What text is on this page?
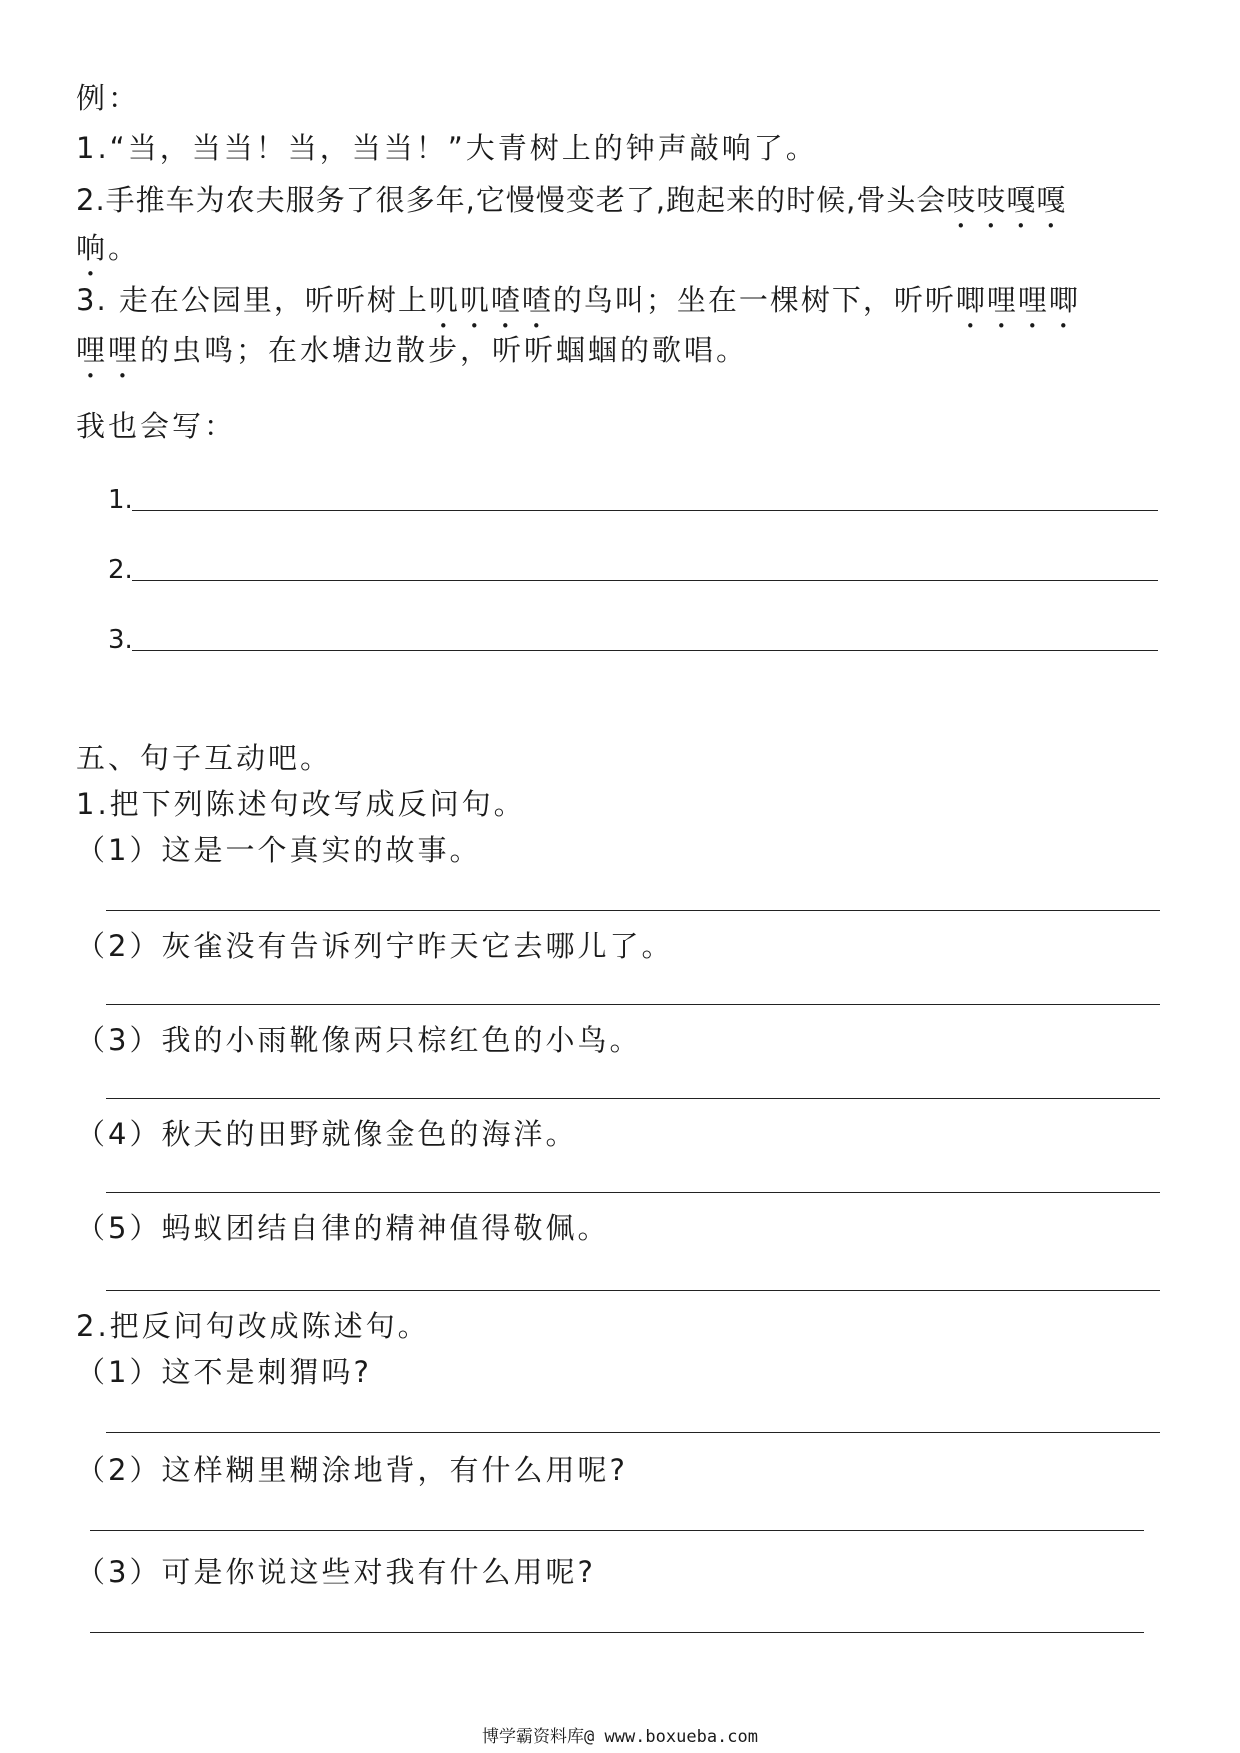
例：
1.“当，当当！当，当当！”大青树上的钟声敲响了。
2.手推车为农夫服务了很多年,它慢慢变老了,跑起来的时候,骨头会吱吱嘎嘎
响。
3. 走在公园里，听听树上叽叽喳喳的鸟叫；坐在一棵树下，听听唧哩哩唧
哩哩的虫鸣；在水塘边散步，听听蝈蝈的歌唱。
我也会写：
1.
2.
3.
五、句子互动吧。
1.把下列陈述句改写成反问句。
（1）这是一个真实的故事。
（2）灰雀没有告诉列宁昨天它去哪儿了。
（3）我的小雨靴像两只棕红色的小鸟。
（4）秋天的田野就像金色的海洋。
（5）蚂蚁团结自律的精神值得敬佩。
2.把反问句改成陈述句。
（1）这不是刺猬吗?
（2）这样糊里糊涂地背，有什么用呢?
（3）可是你说这些对我有什么用呢?
博学霸资料库@ www.boxueba.com
